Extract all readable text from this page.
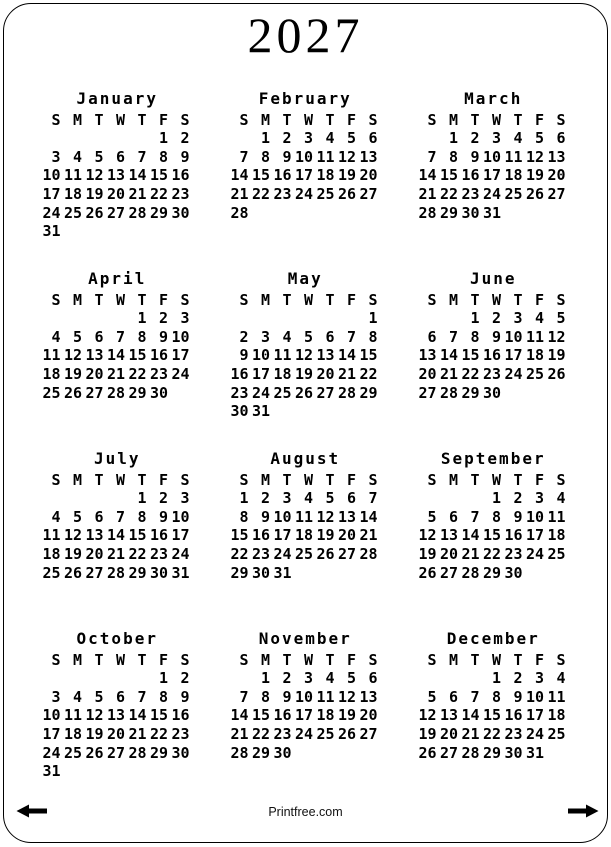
2027
January
S M T W T F S
1 2
3 4 5 6 7 8 9
10 11 12 13 14 15 16
17 18 19 20 21 22 23
24 25 26 27 28 29 30
31
February
S M T W T F S
1 2 3 4 5 6
7 8 9 10 11 12 13
14 15 16 17 18 19 20
21 22 23 24 25 26 27
28
March
S M T W T F S
1 2 3 4 5 6
7 8 9 10 11 12 13
14 15 16 17 18 19 20
21 22 23 24 25 26 27
28 29 30 31
April
S M T W T F S
1 2 3
4 5 6 7 8 9 10
11 12 13 14 15 16 17
18 19 20 21 22 23 24
25 26 27 28 29 30
May
S M T W T F S
1
2 3 4 5 6 7 8
9 10 11 12 13 14 15
16 17 18 19 20 21 22
23 24 25 26 27 28 29
30 31
June
S M T W T F S
1 2 3 4 5
6 7 8 9 10 11 12
13 14 15 16 17 18 19
20 21 22 23 24 25 26
27 28 29 30
July
S M T W T F S
1 2 3
4 5 6 7 8 9 10
11 12 13 14 15 16 17
18 19 20 21 22 23 24
25 26 27 28 29 30 31
August
S M T W T F S
1 2 3 4 5 6 7
8 9 10 11 12 13 14
15 16 17 18 19 20 21
22 23 24 25 26 27 28
29 30 31
September
S M T W T F S
1 2 3 4
5 6 7 8 9 10 11
12 13 14 15 16 17 18
19 20 21 22 23 24 25
26 27 28 29 30
October
S M T W T F S
1 2
3 4 5 6 7 8 9
10 11 12 13 14 15 16
17 18 19 20 21 22 23
24 25 26 27 28 29 30
31
November
S M T W T F S
1 2 3 4 5 6
7 8 9 10 11 12 13
14 15 16 17 18 19 20
21 22 23 24 25 26 27
28 29 30
December
S M T W T F S
1 2 3 4
5 6 7 8 9 10 11
12 13 14 15 16 17 18
19 20 21 22 23 24 25
26 27 28 29 30 31
Printfree.com
